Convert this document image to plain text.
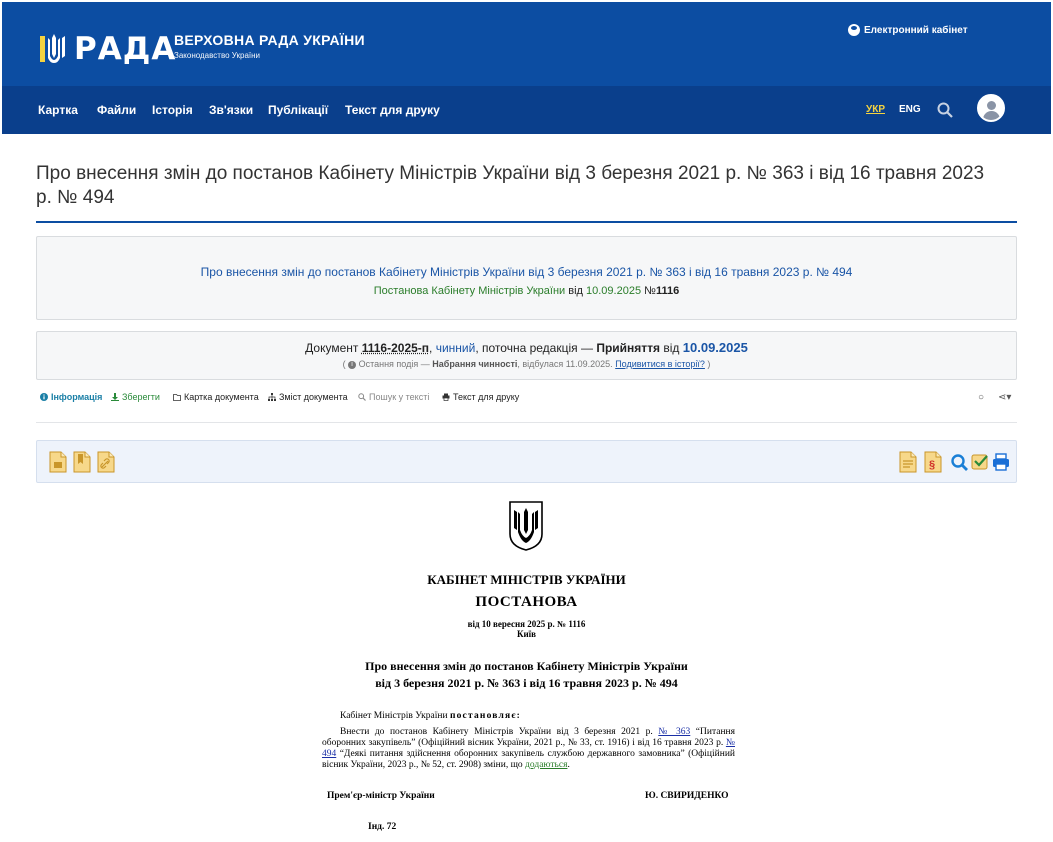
РАДА
ВЕРХОВНА РАДА УКРАЇНИ
Законодавство України
Електронний кабінет
Картка Файли Історія Зв'язки Публікації Текст для друку	УКР ENG
Про внесення змін до постанов Кабінету Міністрів України від 3 березня 2021 р. № 363 і від 16 травня 2023 р. № 494
Про внесення змін до постанов Кабінету Міністрів України від 3 березня 2021 р. № 363 і від 16 травня 2023 р. № 494
Постанова Кабінету Міністрів України від 10.09.2025 №1116
Документ 1116-2025-п, чинний, поточна редакція — Прийняття від 10.09.2025
( i Остання подія — Набрання чинності, відбулася 11.09.2025. Подивитися в історії? )
Інформація Зберегти	Картка документа Зміст документа Пошук у тексті	Текст для друку	○ ⋖▾
§
КАБІНЕТ МІНІСТРІВ УКРАЇНИ
ПОСТАНОВА
від 10 вересня 2025 р. № 1116
Київ
Про внесення змін до постанов Кабінету Міністрів України
від 3 березня 2021 р. № 363 і від 16 травня 2023 р. № 494
Кабінет Міністрів України постановляє:
Внести до постанов Кабінету Міністрів України від 3 березня 2021 р. № 363 “Питання оборонних закупівель” (Офіційний вісник України, 2021 р., № 33, ст. 1916) і від 16 травня 2023 р. № 494 “Деякі питання здійснення оборонних закупівель службою державного замовника” (Офіційний вісник України, 2023 р., № 52, ст. 2908) зміни, що додаються.
Прем'єр-міністр України	Ю. СВИРИДЕНКО
Інд. 72
